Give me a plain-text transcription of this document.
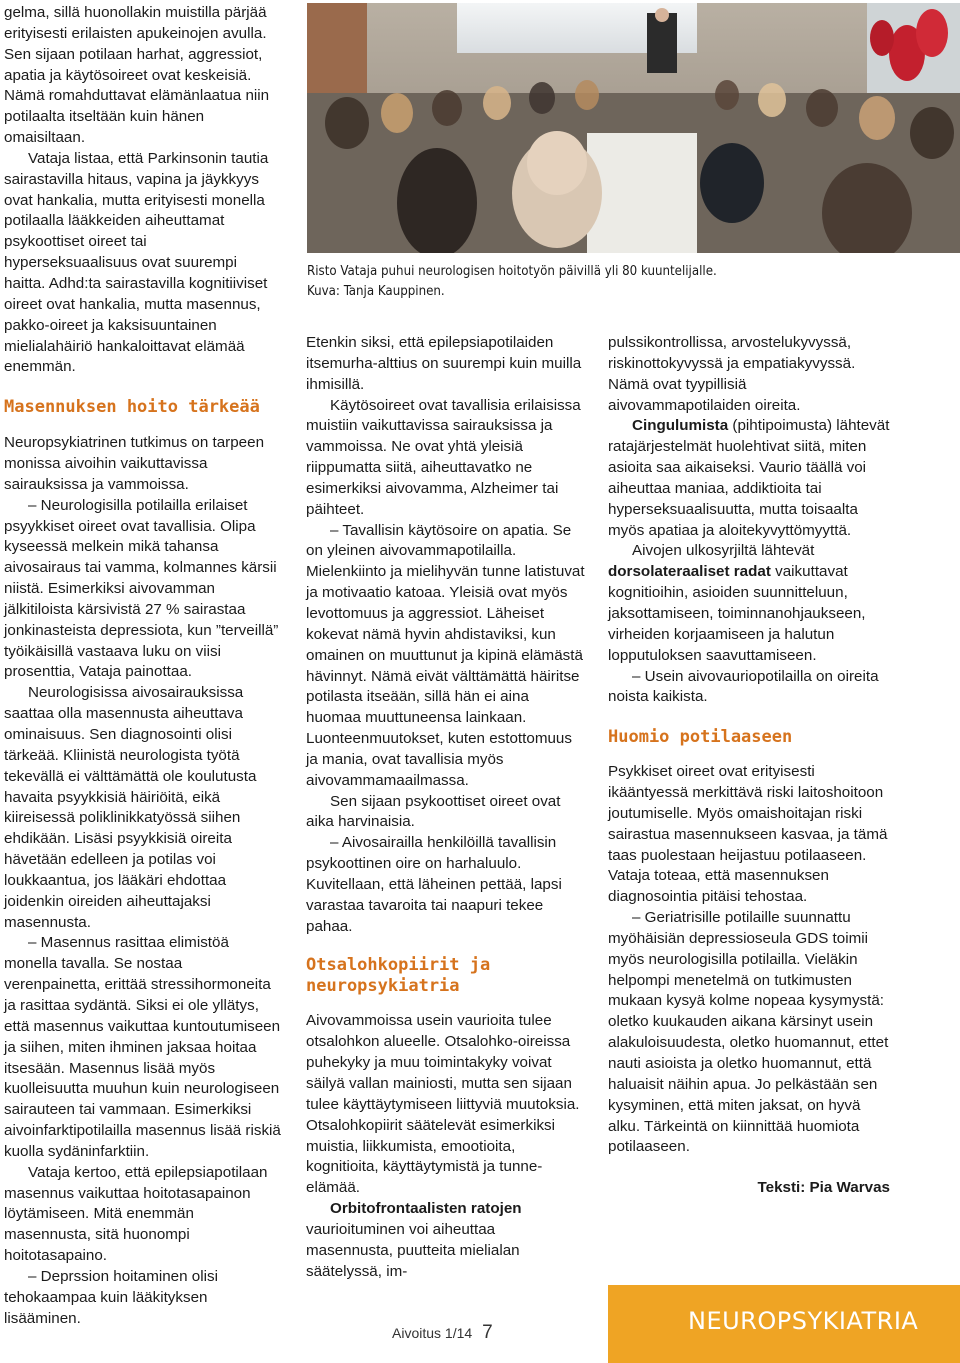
gelma, sillä huonollakin muistilla pärjää erityisesti erilaisten apukeinojen avulla. Sen sijaan potilaan harhat, aggressiot, apatia ja käytösoireet ovat keskeisiä. Nämä romahduttavat elämänlaatua niin potilaalta itseltään kuin hänen omaisiltaan.

Vataja listaa, että Parkinsonin tautia sairastavilla hitaus, vapina ja jäykkyys ovat hankalia, mutta erityisesti monella potilaalla lääkkeiden aiheuttamat psykoottiset oireet tai hyperseksuaalisuus ovat suurempi haitta. Adhd:ta sairastavilla kognitiiviset oireet ovat hankalia, mutta masennus, pakko-oireet ja kaksisuuntainen mielialahäiriö hankaloittavat elämää enemmän.

Masennuksen hoito tärkeää

Neuropsykiatrinen tutkimus on tarpeen monissa aivoihin vaikuttavissa sairauksissa ja vammoissa.

– Neurologisilla potilailla erilaiset psyykkiset oireet ovat tavallisia. Olipa kyseessä melkein mikä tahansa aivosairaus tai vamma, kolmannes kärsii niistä. Esimerkiksi aivovamman jälkitiloista kärsivistä 27 % sairastaa jonkinasteista depressiota, kun ”terveillä” työikäisillä vastaava luku on viisi prosenttia, Vataja painottaa.

Neurologisissa aivosairauksissa saattaa olla masennusta aiheuttava ominaisuus. Sen diagnosointi olisi tärkeää. Kliinistä neurologista työtä tekevällä ei välttämättä ole koulutusta havaita psyykkisiä häiriöitä, eikä kiireisessä poliklinikkatyössä siihen ehdikään. Lisäsi psyykkisiä oireita hävetään edelleen ja potilas voi loukkaantua, jos lääkäri ehdottaa joidenkin oireiden aiheuttajaksi masennusta.

– Masennus rasittaa elimistöä monella tavalla. Se nostaa verenpainetta, erittää stressihormoneita ja rasittaa sydäntä. Siksi ei ole yllätys, että masennus vaikuttaa kuntoutumiseen ja siihen, miten ihminen jaksaa hoitaa itsesään. Masennus lisää myös kuolleisuutta muuhun kuin neurologiseen sairauteen tai vammaan. Esimerkiksi aivoinfarktipotilailla masennus lisää riskiä kuolla sydäninfarktiin.

Vataja kertoo, että epilepsiapotilaan masennus vaikuttaa hoitotasapainon löytämiseen. Mitä enemmän masennusta, sitä huonompi hoitotasapaino.

– Deprssion hoitaminen olisi tehokaampaa kuin lääkityksen lisääminen.

Risto Vataja puhui neurologisen hoitotyön päivillä yli 80 kuuntelijalle.
Kuva: Tanja Kauppinen.

Etenkin siksi, että epilepsiapotilaiden itsemurha-alttius on suurempi kuin muilla ihmisillä.

Käytösoireet ovat tavallisia erilaisissa muistiin vaikuttavissa sairauksissa ja vammoissa. Ne ovat yhtä yleisiä riippumatta siitä, aiheuttavatko ne esimerkiksi aivovamma, Alzheimer tai päihteet.

– Tavallisin käytösoire on apatia. Se on yleinen aivovammapotilailla. Mielenkiinto ja mielihyvän tunne latistuvat ja motivaatio katoaa. Yleisiä ovat myös levottomuus ja aggressiot. Läheiset kokevat nämä hyvin ahdistaviksi, kun omainen on muuttunut ja kipinä elämästä hävinnyt. Nämä eivät välttämättä häiritse potilasta itseään, sillä hän ei aina huomaa muuttuneensa lainkaan. Luonteenmuutokset, kuten estottomuus ja mania, ovat tavallisia myös aivovammamaailmassa.

Sen sijaan psykoottiset oireet ovat aika harvinaisia.

– Aivosairailla henkilöillä tavallisin psykoottinen oire on harhaluulo. Kuvitellaan, että läheinen pettää, lapsi varastaa tavaroita tai naapuri tekee pahaa.

Otsalohkopiirit ja neuropsykiatria

Aivovammoissa usein vaurioita tulee otsalohkon alueelle. Otsalohko-oireissa puhekyky ja muu toimintakyky voivat säilyä vallan mainiosti, mutta sen sijaan tulee käyttäytymiseen liittyviä muutoksia. Otsalohkopiirit säätelevät esimerkiksi muistia, liikkumista, emootioita, kognitioita, käyttäytymistä ja tunne-elämää.

Orbitofrontaalisten ratojen vaurioituminen voi aiheuttaa masennusta, puutteita mielialan säätelyssä, im-

pulssikontrollissa, arvostelukyvyssä, riskinottokyvyssä ja empatiakyvyssä. Nämä ovat tyypillisiä aivovammapotilaiden oireita.

Cingulumista (pihtipoimusta) lähtevät ratajärjestelmät huolehtivat siitä, miten asioita saa aikaiseksi. Vaurio täällä voi aiheuttaa maniaa, addiktioita tai hyperseksuaalisuutta, mutta toisaalta myös apatiaa ja aloitekyvyttömyyttä.

Aivojen ulkosyrjiltä lähtevät dorsolateraaliset radat vaikuttavat kognitioihin, asioiden suunnitteluun, jaksottamiseen, toiminnanohjaukseen, virheiden korjaamiseen ja halutun lopputuloksen saavuttamiseen.

– Usein aivovauriopotilailla on oireita noista kaikista.

Huomio potilaaseen

Psykkiset oireet ovat erityisesti ikääntyessä merkittävä riski laitoshoitoon joutumiselle. Myös omaishoitajan riski sairastua masennukseen kasvaa, ja tämä taas puolestaan heijastuu potilaaseen. Vataja toteaa, että masennuksen diagnosointia pitäisi tehostaa.

– Geriatrisille potilaille suunnattu myöhäisiän depressioseula GDS toimii myös neurologisilla potilailla. Vieläkin helpompi menetelmä on tutkimusten mukaan kysyä kolme nopeaa kysymystä: oletko kuukauden aikana kärsinyt usein alakuloisuudesta, oletko huomannut, ettet nauti asioista ja oletko huomannut, että haluaisit näihin apua. Jo pelkästään sen kysyminen, että miten jaksat, on hyvä alku. Tärkeintä on kiinnittää huomiota potilaaseen.

Teksti: Pia Warvas

Aivoitus 1/14 7	NEUROPSYKIATRIA
